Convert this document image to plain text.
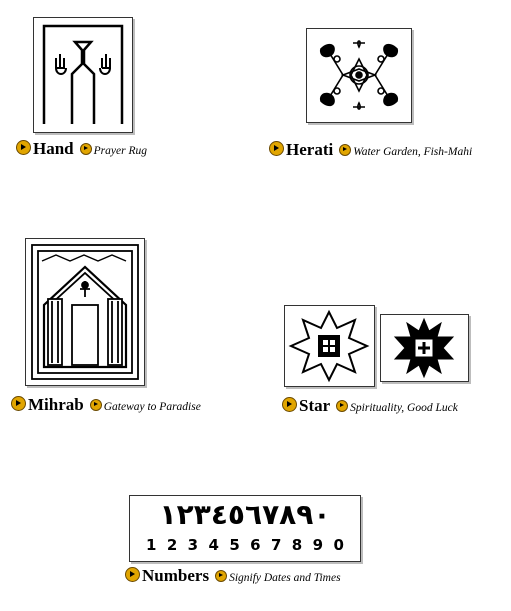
Hand Prayer Rug	Herati Water Garden, Fish-Mahi
Mihrab Gateway to Paradise	Star Spirituality, Good Luck
١٢٣٤٥٦٧٨٩٠
1 2 3 4 5 6 7 8 9 0
Numbers Signify Dates and Times
